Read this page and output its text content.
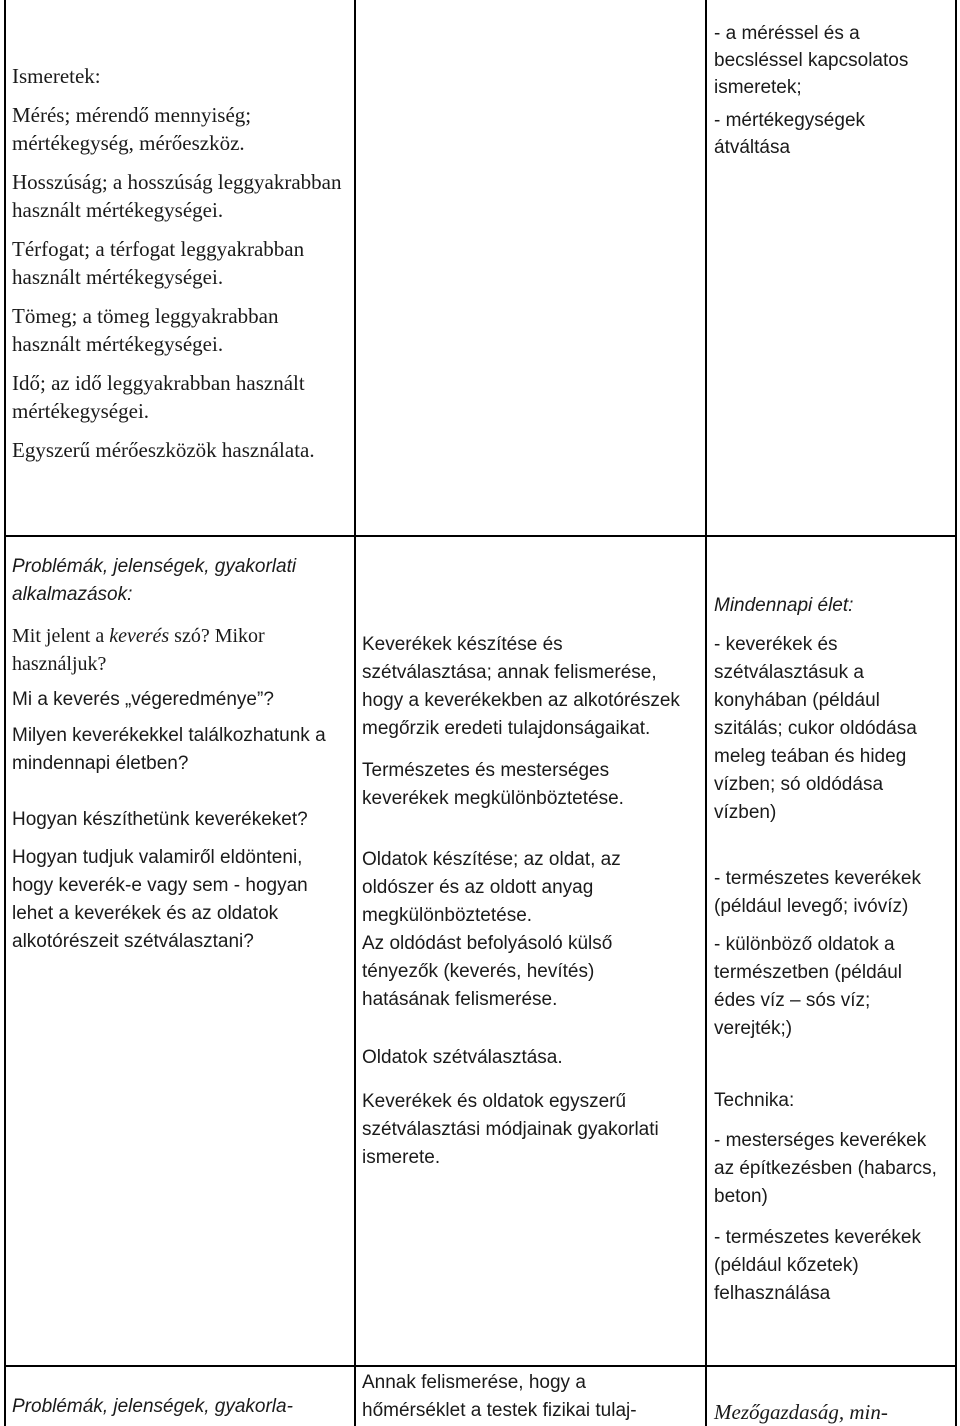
Ismeretek:

Mérés; mérendő mennyiség; mértékegység, mérőeszköz.

Hosszúság; a hosszúság leggyakrabban használt mértékegységei.

Térfogat; a térfogat leggyakrabban használt mértékegységei.

Tömeg; a tömeg leggyakrabban használt mértékegységei.

Idő; az idő leggyakrabban használt mértékegységei.

Egyszerű mérőeszközök használata.

- a méréssel és a becsléssel kapcsolatos ismeretek;

- mértékegységek átváltása

Problémák, jelenségek, gyakorlati alkalmazások:

Mit jelent a keverés szó? Mikor használjuk?

Mi a keverés „végeredménye”?

Milyen keverékekkel találkozhatunk a mindennapi életben?

Hogyan készíthetünk keverékeket?

Hogyan tudjuk valamiről eldönteni, hogy keverék-e vagy sem - hogyan lehet a keverékek és az oldatok alkotórészeit szétválasztani?

Keverékek készítése és szétválasztása; annak felismerése, hogy a keverékekben az alkotórészek megőrzik eredeti tulajdonságaikat.

Természetes és mesterséges keverékek megkülönböztetése.

Oldatok készítése; az oldat, az oldószer és az oldott anyag megkülönböztetése.

Az oldódást befolyásoló külső tényezők (keverés, hevítés) hatásának felismerése.

Oldatok szétválasztása.

Keverékek és oldatok egyszerű szétválasztási módjainak gyakorlati ismerete.

Mindennapi élet:

- keverékek és szétválasztásuk a konyhában (például szitálás; cukor oldódása meleg teában és hideg vízben; só oldódása vízben)

- természetes keverékek (például levegő; ivóvíz)

- különböző oldatok a természetben (például édes víz – sós víz; verejték;)

Technika:

- mesterséges keverékek az építkezésben (habarcs, beton)

- természetes keverékek (például kőzetek) felhasználása

Problémák, jelenségek, gyakorla-
Annak felismerése, hogy a hőmérséklet a testek fizikai tulaj-	Mezőgazdaság, min-
